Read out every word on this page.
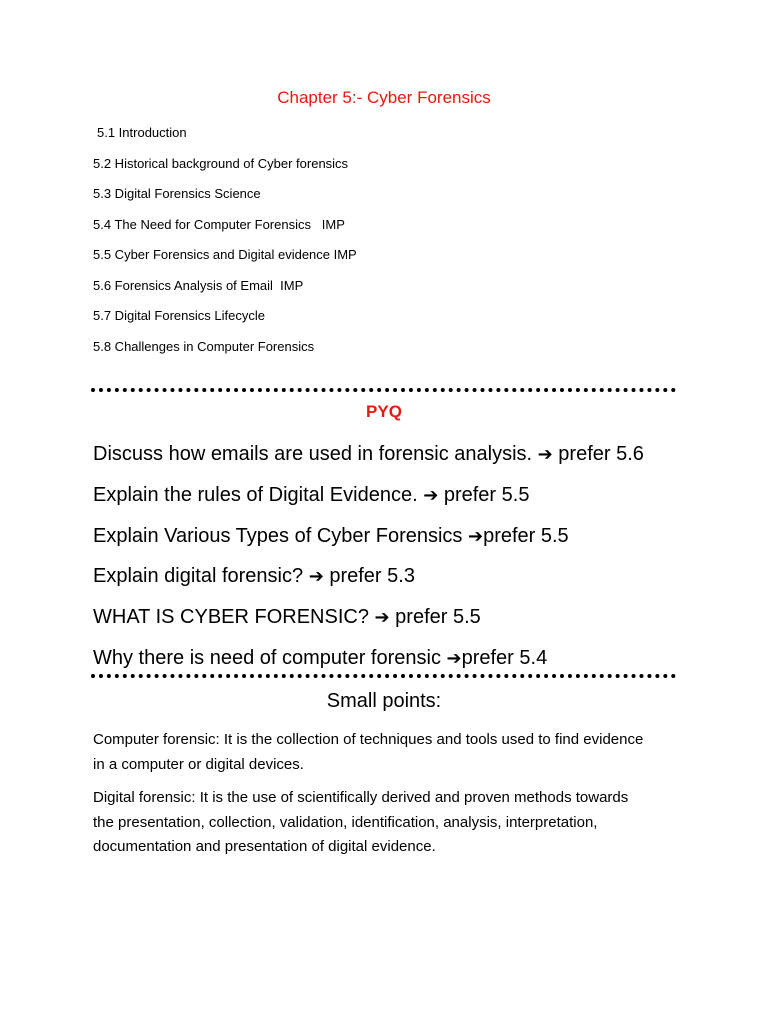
Chapter 5:- Cyber Forensics
5.1 Introduction
5.2 Historical background of Cyber forensics
5.3 Digital Forensics Science
5.4 The Need for Computer Forensics   IMP
5.5 Cyber Forensics and Digital evidence IMP
5.6 Forensics Analysis of Email  IMP
5.7 Digital Forensics Lifecycle
5.8 Challenges in Computer Forensics
PYQ
Discuss how emails are used in forensic analysis. ➔ prefer 5.6
Explain the rules of Digital Evidence. ➔ prefer 5.5
Explain Various Types of Cyber Forensics ➔prefer 5.5
Explain digital forensic? ➔ prefer 5.3
WHAT IS CYBER FORENSIC? ➔ prefer 5.5
Why there is need of computer forensic ➔prefer 5.4
Small points:

Computer forensic: It is the collection of techniques and tools used to find evidence in a computer or digital devices.

Digital forensic: It is the use of scientifically derived and proven methods towards the presentation, collection, validation, identification, analysis, interpretation, documentation and presentation of digital evidence.
